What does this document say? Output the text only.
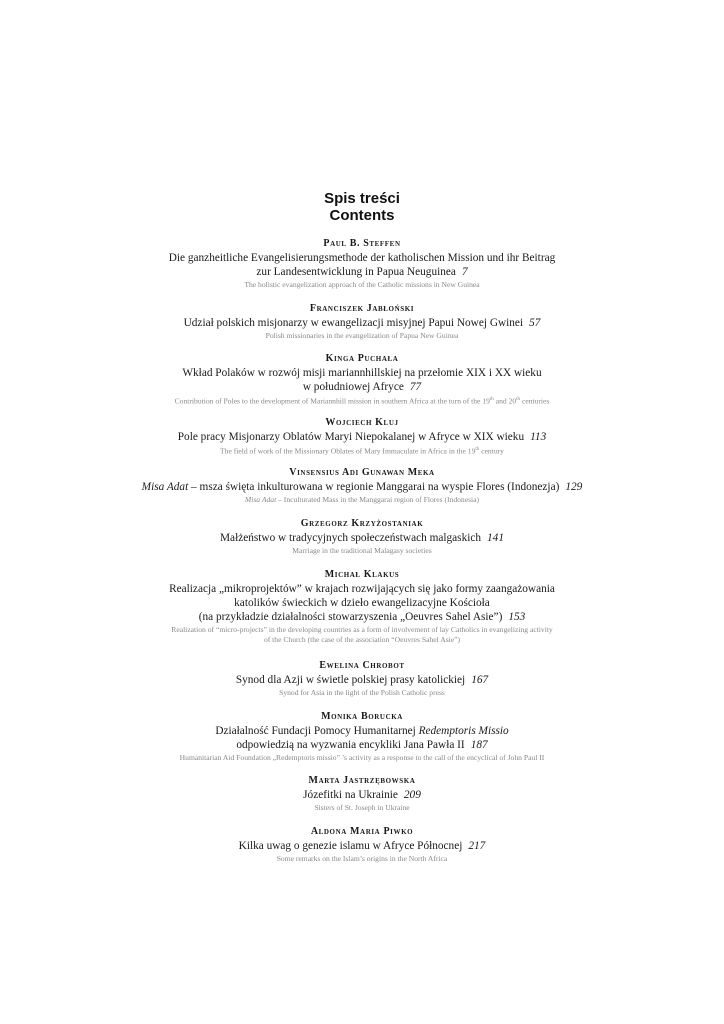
Spis treści

Contents

Paul B. Steffen

Die ganzheitliche Evangelisierungsmethode der katholischen Mission und ihr Beitrag
zur Landesentwicklung in Papua Neuguinea 7

The holistic evangelization approach of the Catholic missions in New Guinea

Franciszek Jabłoński

Udział polskich misjonarzy w ewangelizacji misyjnej Papui Nowej Gwinei 57

Polish missionaries in the evangelization of Papua New Guinea

Kinga Puchała

Wkład Polaków w rozwój misji mariannhillskiej na przełomie XIX i XX wieku
w południowej Afryce 77

Contribution of Poles to the development of Mariannhill mission in southern Africa at the turn of the 19th and 20th centuries

Wojciech Kluj

Pole pracy Misjonarzy Oblatów Maryi Niepokalanej w Afryce w XIX wieku 113

The field of work of the Missionary Oblates of Mary Immaculate in Africa in the 19th century

Vinsensius Adi Gunawan Meka

Misa Adat – msza święta inkulturowana w regionie Manggarai na wyspie Flores (Indonezja) 129

Misa Adat – Inculturated Mass in the Manggarai region of Flores (Indonesia)

Grzegorz Krzyżostaniak

Małżeństwo w tradycyjnych społeczeństwach malgaskich 141

Marriage in the traditional Malagasy societies

Michał Klakus

Realizacja „mikroprojektów” w krajach rozwijających się jako formy zaangażowania
katolików świeckich w dzieło ewangelizacyjne Kościoła
(na przykładzie działalności stowarzyszenia „Oeuvres Sahel Asie”) 153

Realization of “micro-projects” in the developing countries as a form of involvement of lay Catholics in evangelizing activity
of the Church (the case of the association “Oeuvres Sahel Asie”)

Ewelina Chrobot

Synod dla Azji w świetle polskiej prasy katolickiej 167

Synod for Asia in the light of the Polish Catholic press

Monika Borucka

Działalność Fundacji Pomocy Humanitarnej Redemptoris Missio
odpowiedzią na wyzwania encykliki Jana Pawła II 187

Humanitarian Aid Foundation „Redemptoris missio” ’s activity as a response to the call of the encyclical of John Paul II

Marta Jastrzębowska

Józefitki na Ukrainie 209

Sisters of St. Joseph in Ukraine

Aldona Maria Piwko

Kilka uwag o genezie islamu w Afryce Północnej 217

Some remarks on the Islam’s origins in the North Africa
